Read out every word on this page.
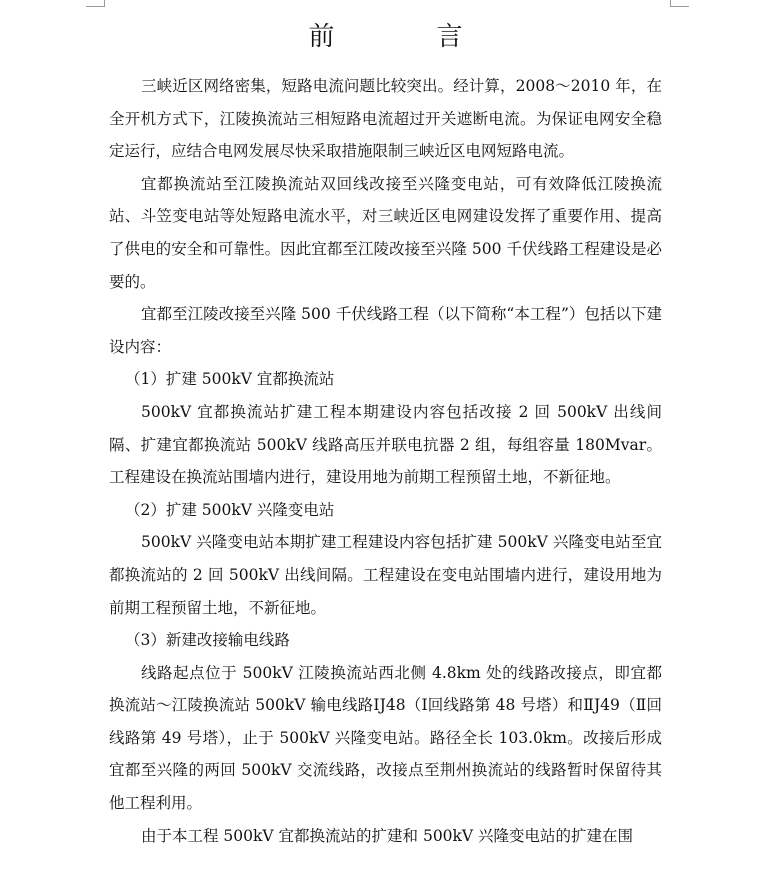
前　言

三峡近区网络密集，短路电流问题比较突出。经计算，2008～2010 年，在全开机方式下，江陵换流站三相短路电流超过开关遮断电流。为保证电网安全稳定运行，应结合电网发展尽快采取措施限制三峡近区电网短路电流。

宜都换流站至江陵换流站双回线改接至兴隆变电站，可有效降低江陵换流站、斗笠变电站等处短路电流水平，对三峡近区电网建设发挥了重要作用、提高了供电的安全和可靠性。因此宜都至江陵改接至兴隆 500 千伏线路工程建设是必要的。

宜都至江陵改接至兴隆 500 千伏线路工程（以下简称“本工程”）包括以下建设内容：

（1）扩建 500kV 宜都换流站

500kV 宜都换流站扩建工程本期建设内容包括改接 2 回 500kV 出线间隔、扩建宜都换流站 500kV 线路高压并联电抗器 2 组，每组容量 180Mvar。工程建设在换流站围墙内进行，建设用地为前期工程预留土地，不新征地。

（2）扩建 500kV 兴隆变电站

500kV 兴隆变电站本期扩建工程建设内容包括扩建 500kV 兴隆变电站至宜都换流站的 2 回 500kV 出线间隔。工程建设在变电站围墙内进行，建设用地为前期工程预留土地，不新征地。

（3）新建改接输电线路

线路起点位于 500kV 江陵换流站西北侧 4.8km 处的线路改接点，即宜都换流站～江陵换流站 500kV 输电线路ⅠJ48（Ⅰ回线路第 48 号塔）和ⅡJ49（Ⅱ回线路第 49 号塔），止于 500kV 兴隆变电站。路径全长 103.0km。改接后形成宜都至兴隆的两回 500kV 交流线路，改接点至荆州换流站的线路暂时保留待其他工程利用。

由于本工程 500kV 宜都换流站的扩建和 500kV 兴隆变电站的扩建在围
